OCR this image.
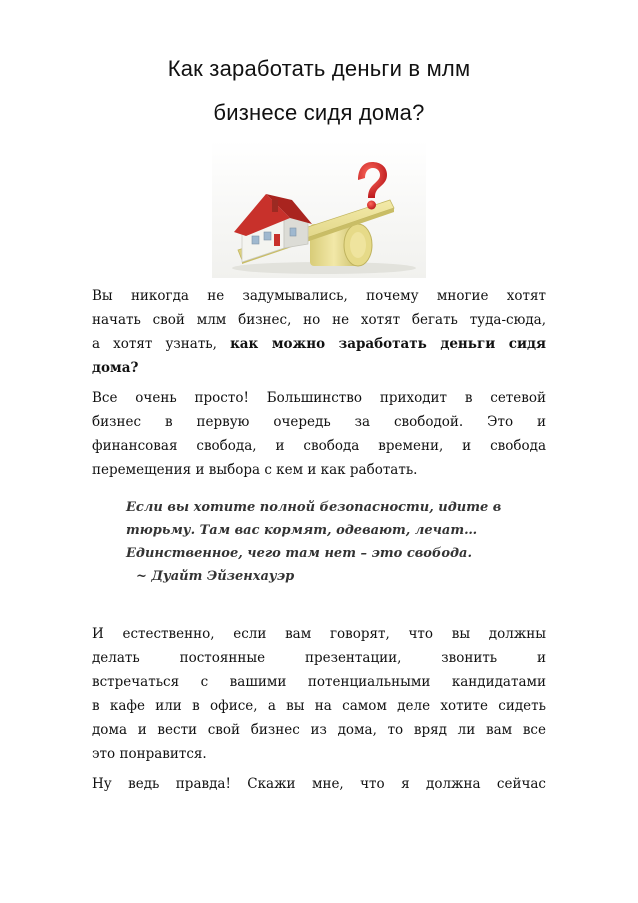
Как заработать деньги в млм
бизнесе сидя дома?
Вы никогда не задумывались, почему многие хотят
начать свой млм бизнес, но не хотят бегать туда-сюда,
а хотят узнать, как можно заработать деньги сидя
дома?
Все очень просто! Большинство приходит в сетевой
бизнес в первую очередь за свободой. Это и
финансовая свобода, и свобода времени, и свобода
перемещения и выбора с кем и как работать.
Если вы хотите полной безопасности, идите в
тюрьму. Там вас кормят, одевают, лечат…
Единственное, чего там нет – это свобода.
~ Дуайт Эйзенхауэр
И естественно, если вам говорят, что вы должны
делать постоянные презентации, звонить и
встречаться с вашими потенциальными кандидатами
в кафе или в офисе, а вы на самом деле хотите сидеть
дома и вести свой бизнес из дома, то вряд ли вам все
это понравится.
Ну ведь правда! Скажи мне, что я должна сейчас
